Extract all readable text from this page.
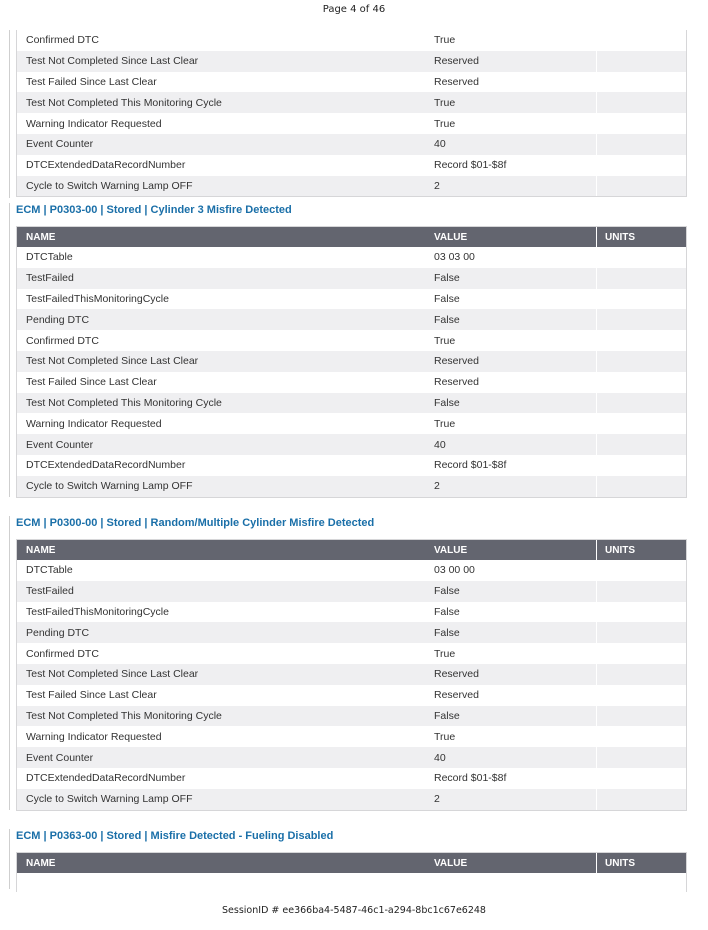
Page 4 of 46
Confirmed DTC	True
Test Not Completed Since Last Clear	Reserved
Test Failed Since Last Clear	Reserved
Test Not Completed This Monitoring Cycle	True
Warning Indicator Requested	True
Event Counter	40
DTCExtendedDataRecordNumber	Record $01-$8f
Cycle to Switch Warning Lamp OFF	2
ECM | P0303-00 | Stored | Cylinder 3 Misfire Detected
NAME	VALUE	UNITS
DTCTable	03 03 00
TestFailed	False
TestFailedThisMonitoringCycle	False
Pending DTC	False
Confirmed DTC	True
Test Not Completed Since Last Clear	Reserved
Test Failed Since Last Clear	Reserved
Test Not Completed This Monitoring Cycle	False
Warning Indicator Requested	True
Event Counter	40
DTCExtendedDataRecordNumber	Record $01-$8f
Cycle to Switch Warning Lamp OFF	2
ECM | P0300-00 | Stored | Random/Multiple Cylinder Misfire Detected
NAME	VALUE	UNITS
DTCTable	03 00 00
TestFailed	False
TestFailedThisMonitoringCycle	False
Pending DTC	False
Confirmed DTC	True
Test Not Completed Since Last Clear	Reserved
Test Failed Since Last Clear	Reserved
Test Not Completed This Monitoring Cycle	False
Warning Indicator Requested	True
Event Counter	40
DTCExtendedDataRecordNumber	Record $01-$8f
Cycle to Switch Warning Lamp OFF	2
ECM | P0363-00 | Stored | Misfire Detected - Fueling Disabled
NAME	VALUE	UNITS
SessionID # ee366ba4-5487-46c1-a294-8bc1c67e6248
